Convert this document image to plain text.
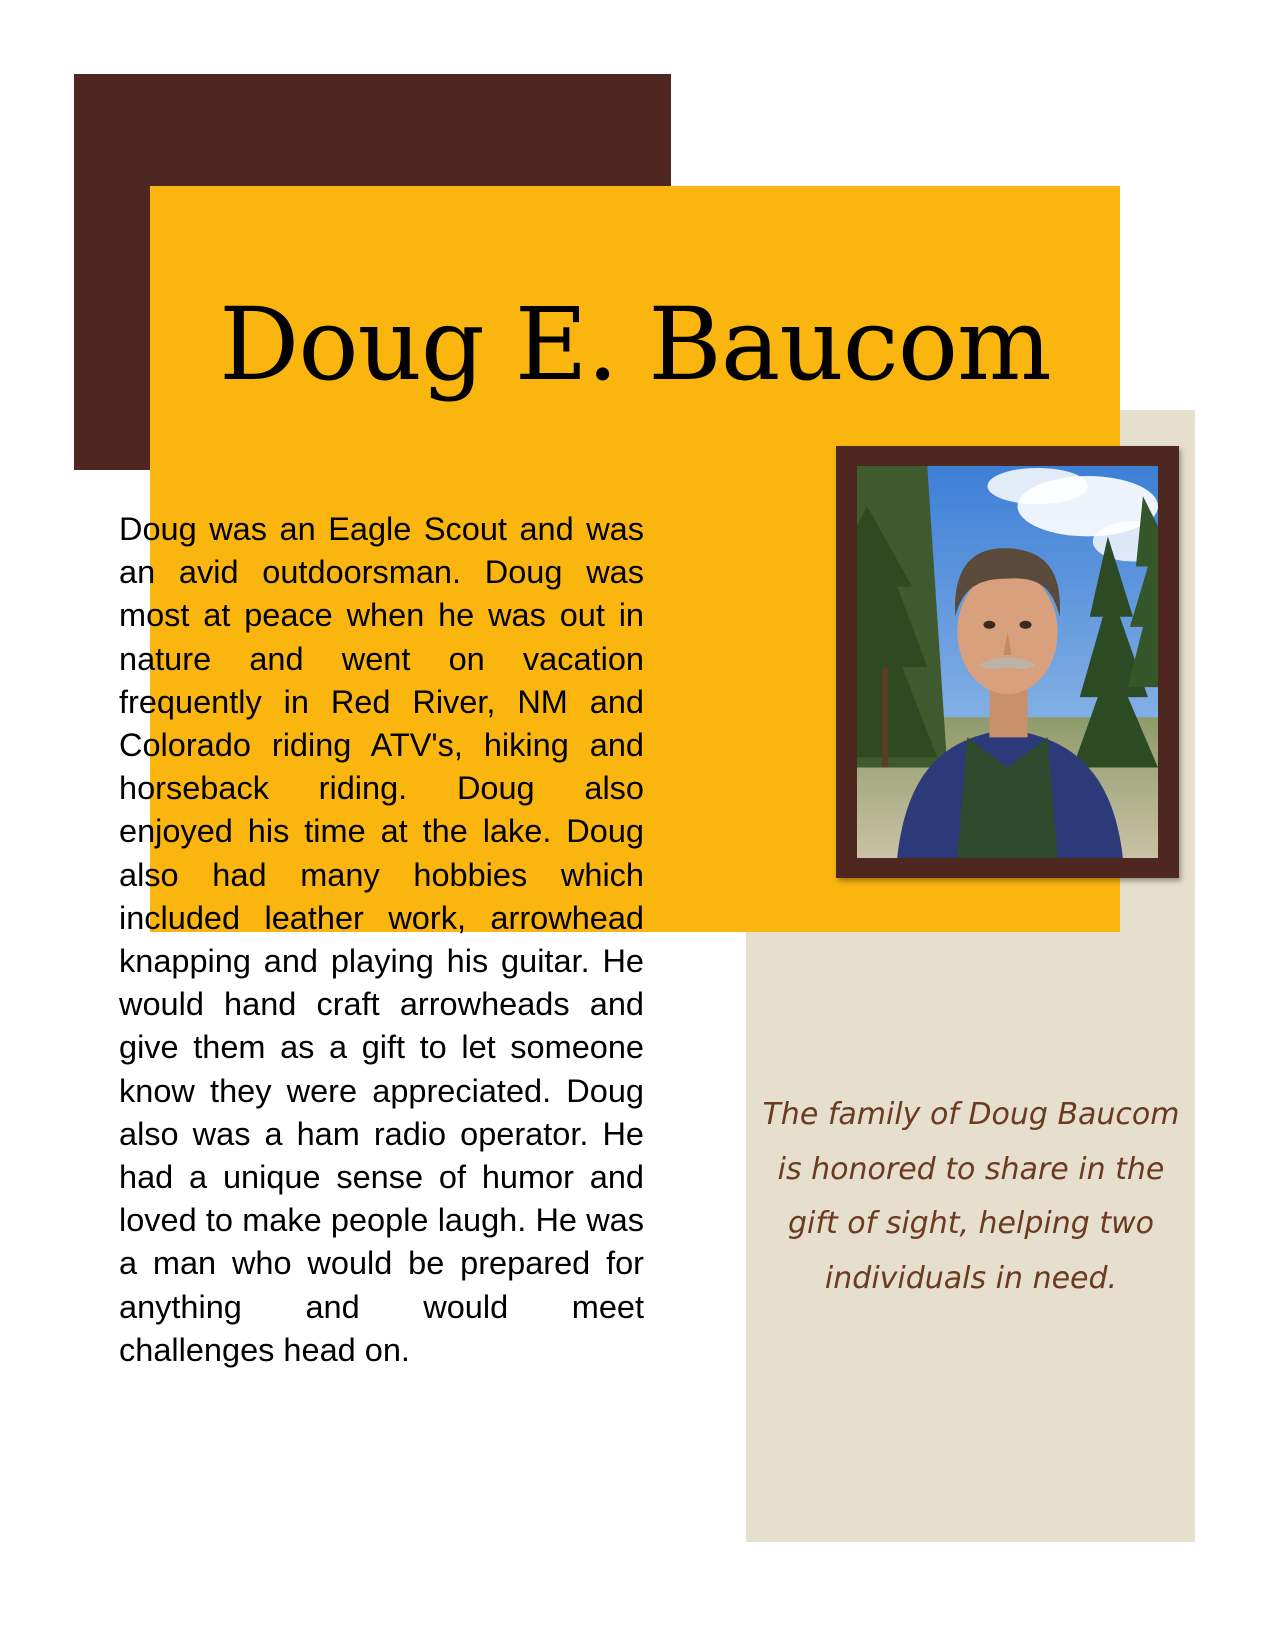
Doug E. Baucom

Doug was an Eagle Scout and was an avid outdoorsman. Doug was most at peace when he was out in nature and went on vacation frequently in Red River, NM and Colorado riding ATV's, hiking and horseback riding. Doug also enjoyed his time at the lake. Doug also had many hobbies which included leather work, arrowhead knapping and playing his guitar. He would hand craft arrowheads and give them as a gift to let someone know they were appreciated. Doug also was a ham radio operator. He had a unique sense of humor and loved to make people laugh. He was a man who would be prepared for anything and would meet challenges head on.

The family of Doug Baucom is honored to share in the gift of sight, helping two individuals in need.
